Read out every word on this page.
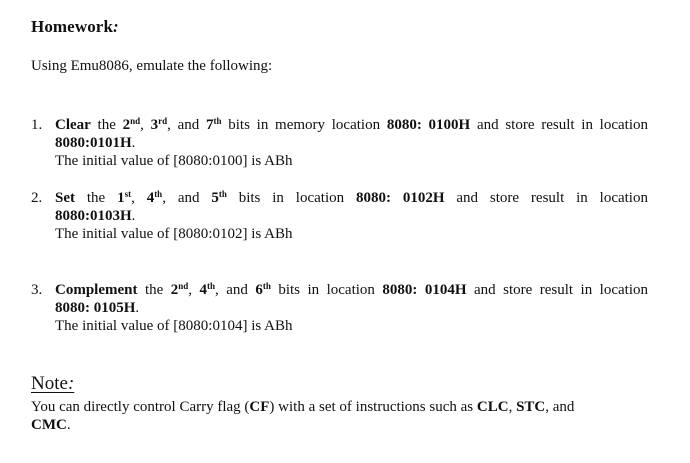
Homework:
Using Emu8086, emulate the following:
1. Clear the 2nd, 3rd, and 7th bits in memory location 8080: 0100H and store result in location
8080:0101H.
The initial value of [8080:0100] is ABh
2. Set the 1st, 4th, and 5th bits in location 8080: 0102H and store result in location
8080:0103H.
The initial value of [8080:0102] is ABh
3. Complement the 2nd, 4th, and 6th bits in location 8080: 0104H and store result in location
8080: 0105H.
The initial value of [8080:0104] is ABh
Note:
You can directly control Carry flag (CF) with a set of instructions such as CLC, STC, and
CMC.
